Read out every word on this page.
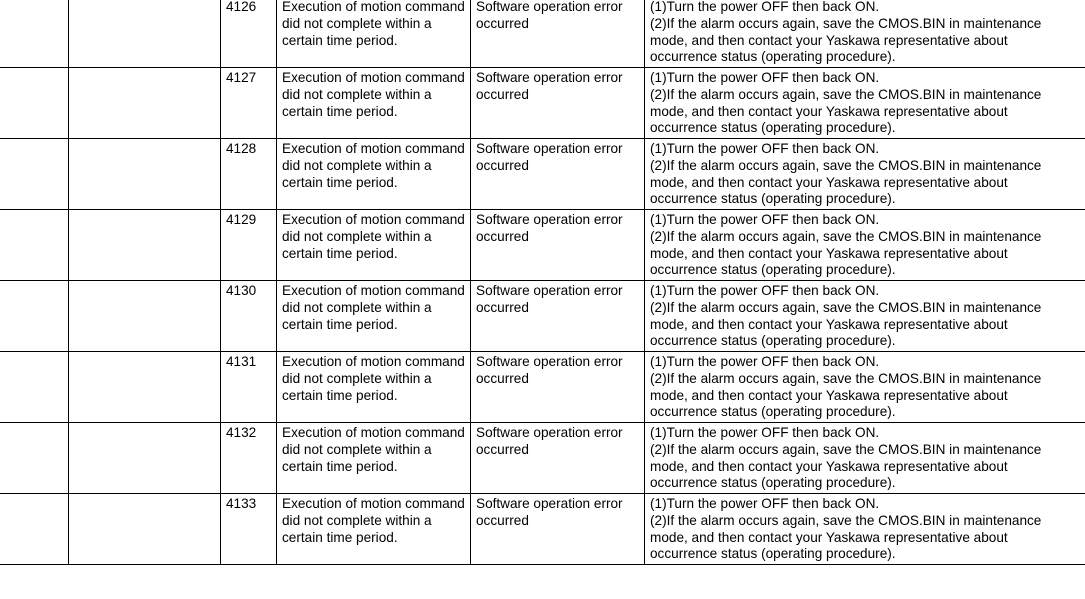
		4126	Execution of motion command
did not complete within a
certain time period.	Software operation error
occurred	(1)Turn the power OFF then back ON.
(2)If the alarm occurs again, save the CMOS.BIN in maintenance
mode, and then contact your Yaskawa representative about
occurrence status (operating procedure).

		4127	Execution of motion command
did not complete within a
certain time period.	Software operation error
occurred	(1)Turn the power OFF then back ON.
(2)If the alarm occurs again, save the CMOS.BIN in maintenance
mode, and then contact your Yaskawa representative about
occurrence status (operating procedure).

		4128	Execution of motion command
did not complete within a
certain time period.	Software operation error
occurred	(1)Turn the power OFF then back ON.
(2)If the alarm occurs again, save the CMOS.BIN in maintenance
mode, and then contact your Yaskawa representative about
occurrence status (operating procedure).

		4129	Execution of motion command
did not complete within a
certain time period.	Software operation error
occurred	(1)Turn the power OFF then back ON.
(2)If the alarm occurs again, save the CMOS.BIN in maintenance
mode, and then contact your Yaskawa representative about
occurrence status (operating procedure).

		4130	Execution of motion command
did not complete within a
certain time period.	Software operation error
occurred	(1)Turn the power OFF then back ON.
(2)If the alarm occurs again, save the CMOS.BIN in maintenance
mode, and then contact your Yaskawa representative about
occurrence status (operating procedure).

		4131	Execution of motion command
did not complete within a
certain time period.	Software operation error
occurred	(1)Turn the power OFF then back ON.
(2)If the alarm occurs again, save the CMOS.BIN in maintenance
mode, and then contact your Yaskawa representative about
occurrence status (operating procedure).

		4132	Execution of motion command
did not complete within a
certain time period.	Software operation error
occurred	(1)Turn the power OFF then back ON.
(2)If the alarm occurs again, save the CMOS.BIN in maintenance
mode, and then contact your Yaskawa representative about
occurrence status (operating procedure).

		4133	Execution of motion command
did not complete within a
certain time period.	Software operation error
occurred	(1)Turn the power OFF then back ON.
(2)If the alarm occurs again, save the CMOS.BIN in maintenance
mode, and then contact your Yaskawa representative about
occurrence status (operating procedure).
